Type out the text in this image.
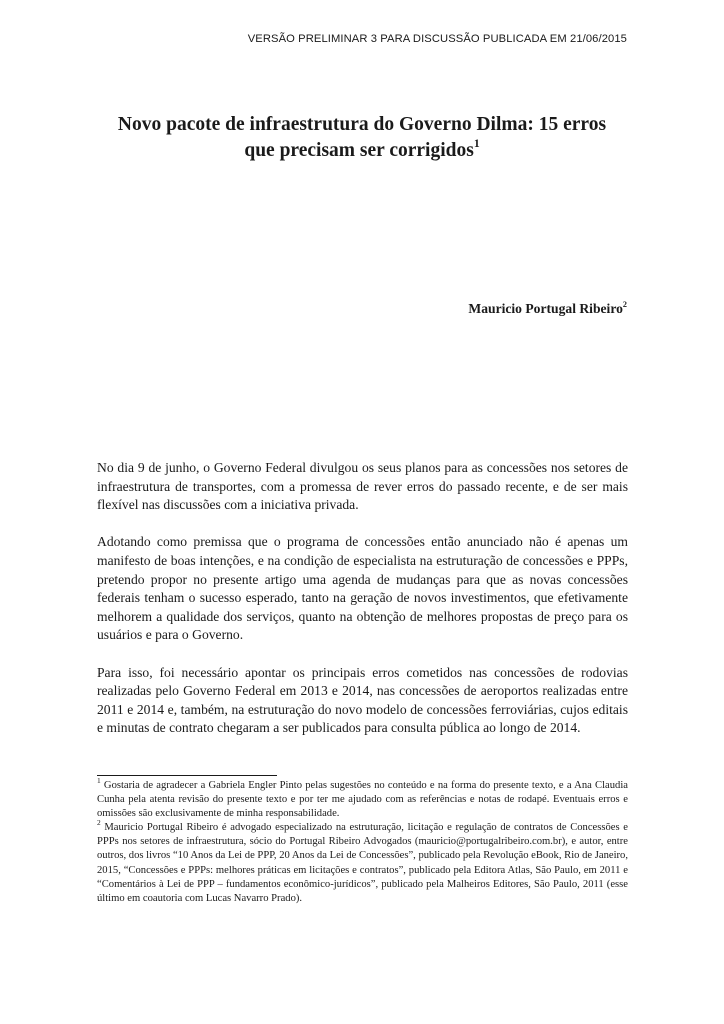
VERSÃO PRELIMINAR 3 PARA DISCUSSÃO PUBLICADA EM 21/06/2015
Novo pacote de infraestrutura do Governo Dilma: 15 erros
que precisam ser corrigidos$^1$
Mauricio Portugal Ribeiro$^2$

No dia 9 de junho, o Governo Federal divulgou os seus planos para as concessões nos setores de infraestrutura de transportes, com a promessa de rever erros do passado recente, e de ser mais flexível nas discussões com a iniciativa privada.

Adotando como premissa que o programa de concessões então anunciado não é apenas um manifesto de boas intenções, e na condição de especialista na estruturação de concessões e PPPs, pretendo propor no presente artigo uma agenda de mudanças para que as novas concessões federais tenham o sucesso esperado, tanto na geração de novos investimentos, que efetivamente melhorem a qualidade dos serviços, quanto na obtenção de melhores propostas de preço para os usuários e para o Governo.

Para isso, foi necessário apontar os principais erros cometidos nas concessões de rodovias realizadas pelo Governo Federal em 2013 e 2014, nas concessões de aeroportos realizadas entre 2011 e 2014 e, também, na estruturação do novo modelo de concessões ferroviárias, cujos editais e minutas de contrato chegaram a ser publicados para consulta pública ao longo de 2014.

$^1$ Gostaria de agradecer a Gabriela Engler Pinto pelas sugestões no conteúdo e na forma do presente texto, e a Ana Claudia Cunha pela atenta revisão do presente texto e por ter me ajudado com as referências e notas de rodapé. Eventuais erros e omissões são exclusivamente de minha responsabilidade.

$^2$ Mauricio Portugal Ribeiro é advogado especializado na estruturação, licitação e regulação de contratos de Concessões e PPPs nos setores de infraestrutura, sócio do Portugal Ribeiro Advogados (mauricio@portugalribeiro.com.br), e autor, entre outros, dos livros “10 Anos da Lei de PPP, 20 Anos da Lei de Concessões”, publicado pela Revolução eBook, Rio de Janeiro, 2015, “Concessões e PPPs: melhores práticas em licitações e contratos”, publicado pela Editora Atlas, São Paulo, em 2011 e “Comentários à Lei de PPP – fundamentos econômico-jurídicos”, publicado pela Malheiros Editores, São Paulo, 2011 (esse último em coautoria com Lucas Navarro Prado).
